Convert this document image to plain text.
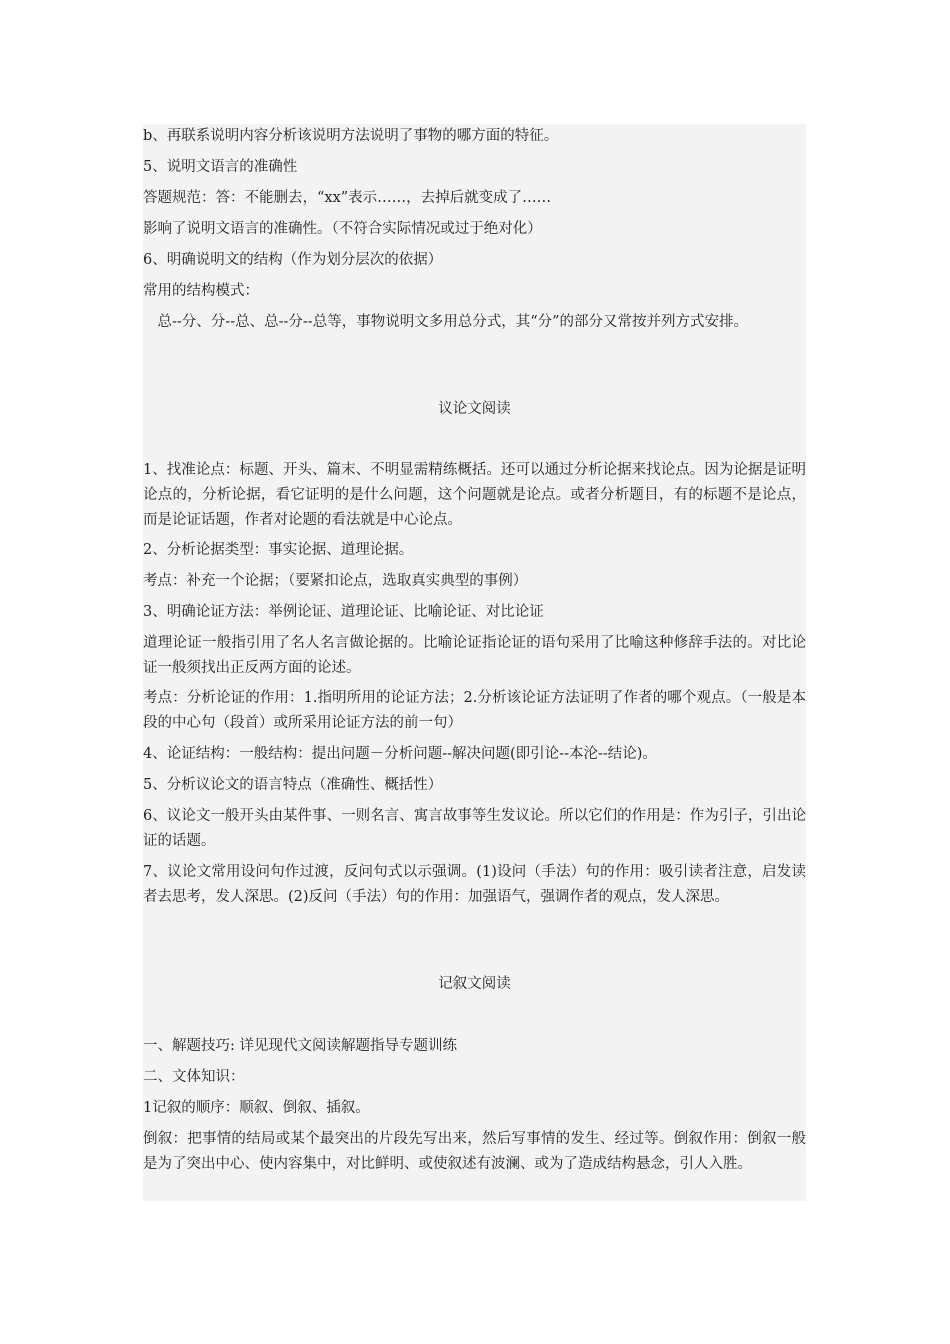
b、再联系说明内容分析该说明方法说明了事物的哪方面的特征。

5、说明文语言的准确性

答题规范：答：不能删去，“xx”表示……，去掉后就变成了……

影响了说明文语言的准确性。（不符合实际情况或过于绝对化）

6、明确说明文的结构（作为划分层次的依据）

常用的结构模式：

　总--分、分--总、总--分--总等，事物说明文多用总分式，其“分”的部分又常按并列方式安排。

议论文阅读

1、找准论点：标题、开头、篇末、不明显需精练概括。还可以通过分析论据来找论点。因为论据是证明论点的，分析论据，看它证明的是什么问题，这个问题就是论点。或者分析题目，有的标题不是论点，而是论证话题，作者对论题的看法就是中心论点。

2、分析论据类型：事实论据、道理论据。

考点：补充一个论据；（要紧扣论点，选取真实典型的事例）

3、明确论证方法：举例论证、道理论证、比喻论证、对比论证

道理论证一般指引用了名人名言做论据的。比喻论证指论证的语句采用了比喻这种修辞手法的。对比论证一般须找出正反两方面的论述。

考点：分析论证的作用：1.指明所用的论证方法；2.分析该论证方法证明了作者的哪个观点。（一般是本段的中心句（段首）或所采用论证方法的前一句）

4、论证结构：一般结构：提出问题－分析问题--解决问题(即引论--本沦--结论)。

5、分析议论文的语言特点（准确性、概括性）

6、议论文一般开头由某件事、一则名言、寓言故事等生发议论。所以它们的作用是：作为引子，引出论证的话题。

7、议论文常用设问句作过渡，反问句式以示强调。(1)设问（手法）句的作用：吸引读者注意，启发读者去思考，发人深思。(2)反问（手法）句的作用：加强语气，强调作者的观点，发人深思。

记叙文阅读

一、解题技巧: 详见现代文阅读解题指导专题训练

二、文体知识：

1记叙的顺序：顺叙、倒叙、插叙。

倒叙：把事情的结局或某个最突出的片段先写出来，然后写事情的发生、经过等。倒叙作用：倒叙一般是为了突出中心、使内容集中，对比鲜明、或使叙述有波澜、或为了造成结构悬念，引人入胜。
